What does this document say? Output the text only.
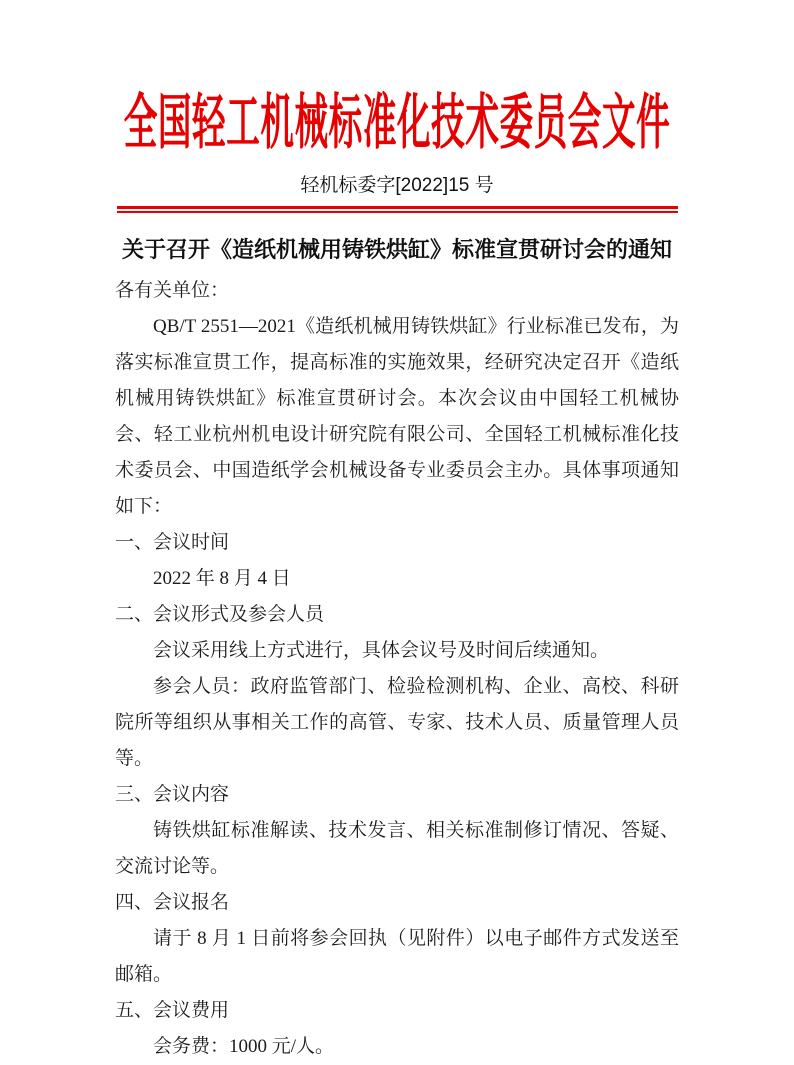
全国轻工机械标准化技术委员会文件
轻机标委字[2022]15 号
关于召开《造纸机械用铸铁烘缸》标准宣贯研讨会的通知

各有关单位：

QB/T 2551—2021《造纸机械用铸铁烘缸》行业标准已发布，为落实标准宣贯工作，提高标准的实施效果，经研究决定召开《造纸机械用铸铁烘缸》标准宣贯研讨会。本次会议由中国轻工机械协会、轻工业杭州机电设计研究院有限公司、全国轻工机械标准化技术委员会、中国造纸学会机械设备专业委员会主办。具体事项通知如下：

一、会议时间

2022 年 8 月 4 日

二、会议形式及参会人员

会议采用线上方式进行，具体会议号及时间后续通知。

参会人员：政府监管部门、检验检测机构、企业、高校、科研院所等组织从事相关工作的高管、专家、技术人员、质量管理人员等。

三、会议内容

铸铁烘缸标准解读、技术发言、相关标准制修订情况、答疑、交流讨论等。

四、会议报名

请于 8 月 1 日前将参会回执（见附件）以电子邮件方式发送至邮箱。

五、会议费用

会务费：1000 元/人。
